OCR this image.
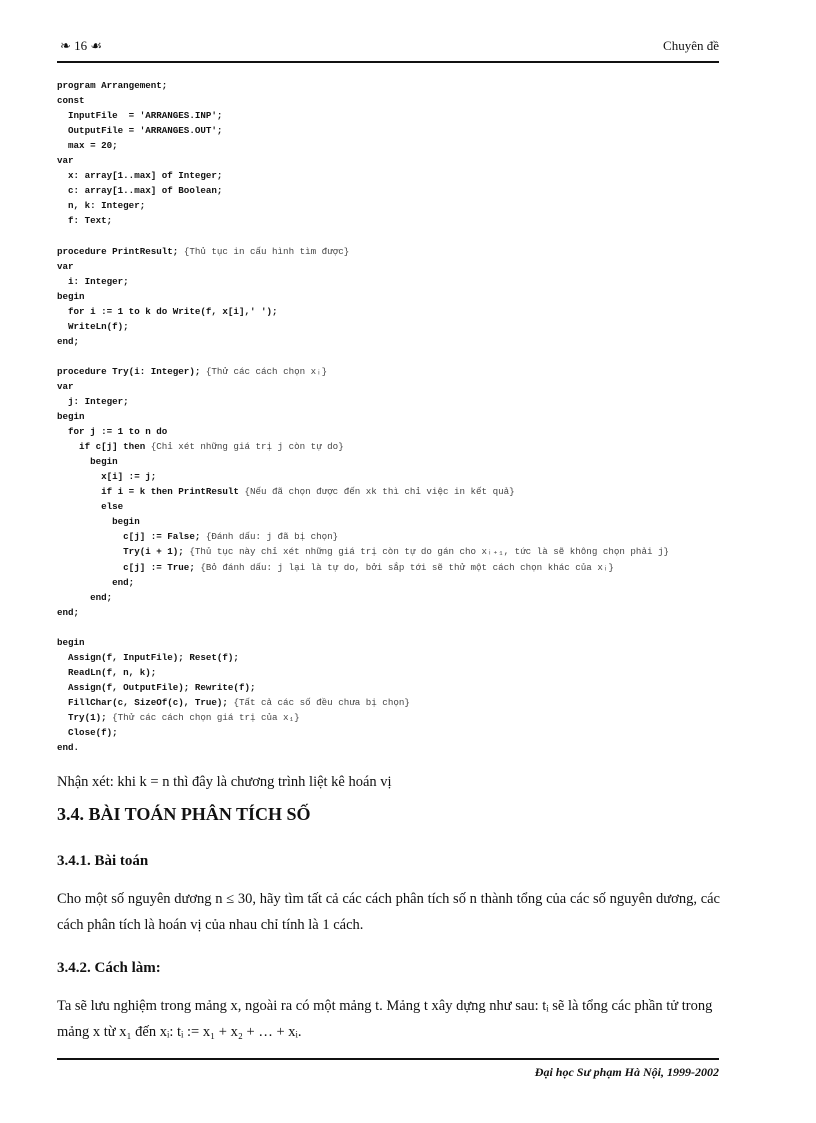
❧ 16 ☙	Chuyên đề
program Arrangement;
const
InputFile  = 'ARRANGES.INP';
OutputFile = 'ARRANGES.OUT';
max = 20;
var
x: array[1..max] of Integer;
c: array[1..max] of Boolean;
n, k: Integer;
f: Text;

procedure PrintResult; {Thủ tục in cấu hình tìm được}
var
i: Integer;
begin
for i := 1 to k do Write(f, x[i],' ');
WriteLn(f);
end;

procedure Try(i: Integer); {Thử các cách chọn xᵢ}
var
j: Integer;
begin
for j := 1 to n do
if c[j] then {Chỉ xét những giá trị j còn tự do}
begin
x[i] := j;
if i = k then PrintResult {Nếu đã chọn được đến xk thì chỉ việc in kết quả}
else
begin
c[j] := False; {Đánh dấu: j đã bị chọn}
Try(i + 1); {Thủ tục này chỉ xét những giá trị còn tự do gán cho xᵢ₊₁, tức là sẽ không chọn phải j}
c[j] := True; {Bỏ đánh dấu: j lại là tự do, bởi sắp tới sẽ thử một cách chọn khác của xᵢ}
end;
end;
end;

begin
Assign(f, InputFile); Reset(f);
ReadLn(f, n, k);
Assign(f, OutputFile); Rewrite(f);
FillChar(c, SizeOf(c), True); {Tất cả các số đều chưa bị chọn}
Try(1); {Thử các cách chọn giá trị của x₁}
Close(f);
end.
Nhận xét: khi k = n thì đây là chương trình liệt kê hoán vị
3.4. BÀI TOÁN PHÂN TÍCH SỐ
3.4.1. Bài toán
Cho một số nguyên dương n ≤ 30, hãy tìm tất cả các cách phân tích số n thành tổng của các số nguyên dương, các cách phân tích là hoán vị của nhau chỉ tính là 1 cách.
3.4.2. Cách làm:
Ta sẽ lưu nghiệm trong mảng x, ngoài ra có một mảng t. Mảng t xây dựng như sau: tᵢ sẽ là tổng các phần tử trong mảng x từ x₁ đến xᵢ: tᵢ := x₁ + x₂ + … + xᵢ.
Đại học Sư phạm Hà Nội, 1999-2002
